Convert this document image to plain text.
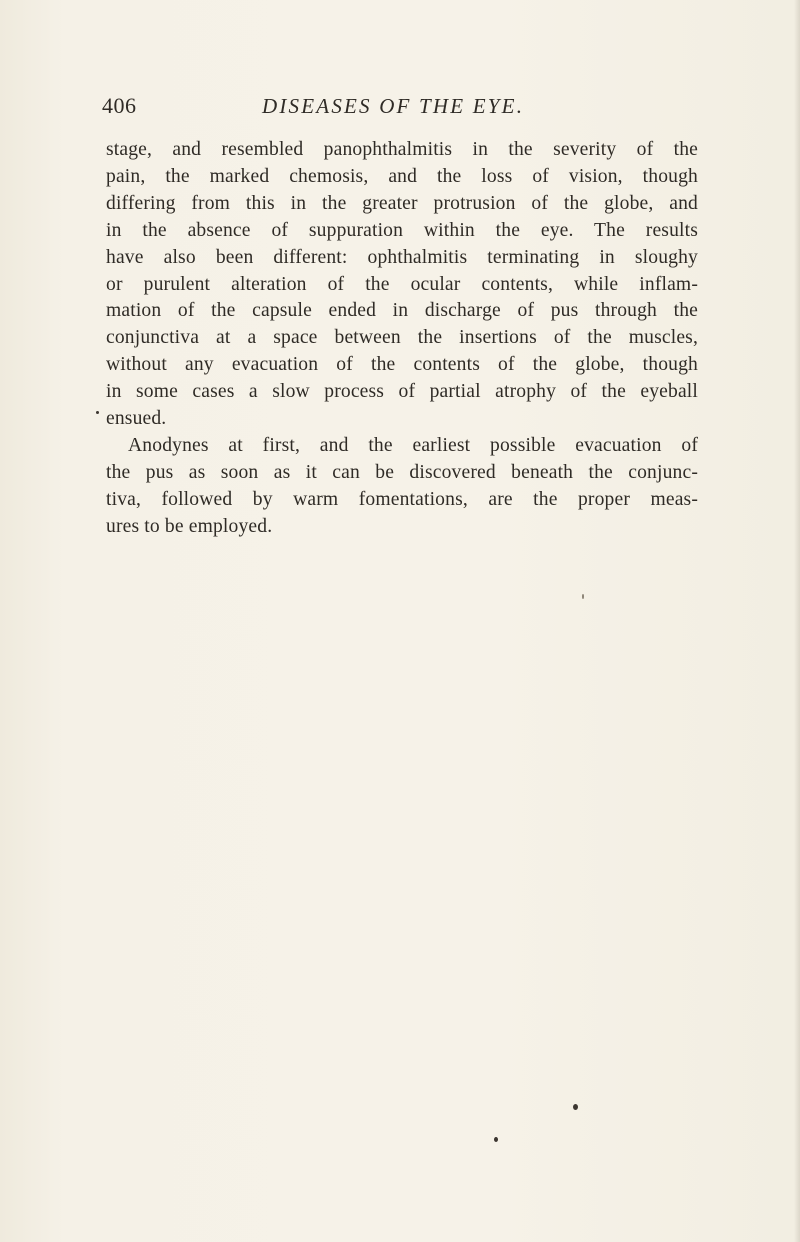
406	DISEASES OF THE EYE.

stage, and resembled panophthalmitis in the severity of the

pain, the marked chemosis, and the loss of vision, though

differing from this in the greater protrusion of the globe, and

in the absence of suppuration within the eye. The results

have also been different: ophthalmitis terminating in sloughy

or purulent alteration of the ocular contents, while inflam-

mation of the capsule ended in discharge of pus through the

conjunctiva at a space between the insertions of the muscles,

without any evacuation of the contents of the globe, though

in some cases a slow process of partial atrophy of the eyeball

ensued.

Anodynes at first, and the earliest possible evacuation of

the pus as soon as it can be discovered beneath the conjunc-

tiva, followed by warm fomentations, are the proper meas-

ures to be employed.
